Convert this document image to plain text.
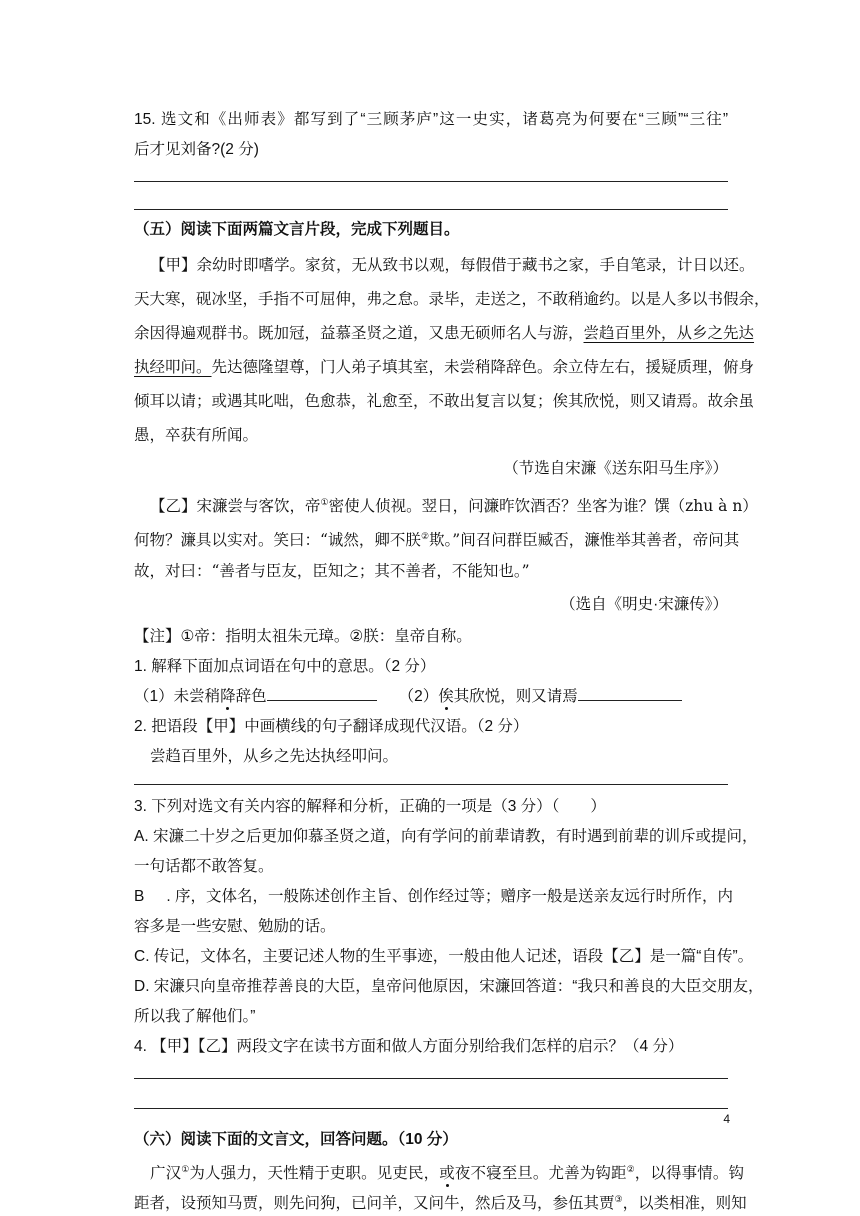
15. 选文和《出师表》都写到了“三顾茅庐”这一史实，诸葛亮为何要在“三顾”“三往”
后才见刘备?(2 分)
（五）阅读下面两篇文言片段，完成下列题目。
【甲】余幼时即嗜学。家贫，无从致书以观，每假借于藏书之家，手自笔录，计日以还。
天大寒，砚冰坚，手指不可屈伸，弗之怠。录毕，走送之，不敢稍逾约。以是人多以书假余，
余因得遍观群书。既加冠，益慕圣贤之道，又患无硕师名人与游，尝趋百里外，从乡之先达
执经叩问。先达德隆望尊，门人弟子填其室，未尝稍降辞色。余立侍左右，援疑质理，俯身
倾耳以请；或遇其叱咄，色愈恭，礼愈至，不敢出复言以复；俟其欣悦，则又请焉。故余虽
愚，卒获有所闻。
（节选自宋濂《送东阳马生序》）
【乙】宋濂尝与客饮，帝①密使人侦视。翌日，问濂昨饮酒否？坐客为谁？馔（zhu à n）
何物？濂具以实对。笑曰：“诚然，卿不朕②欺。”间召问群臣臧否，濂惟举其善者，帝问其
故，对曰：“善者与臣友，臣知之；其不善者，不能知也。”
（选自《明史·宋濂传》）
【注】①帝：指明太祖朱元璋。②朕：皇帝自称。
1. 解释下面加点词语在句中的意思。（2 分）
（1）未尝稍降辞色	（2）俟其欣悦，则又请焉
2. 把语段【甲】中画横线的句子翻译成现代汉语。（2 分）
尝趋百里外，从乡之先达执经叩问。
3. 下列对选文有关内容的解释和分析，正确的一项是（3 分）（　　）
A. 宋濂二十岁之后更加仰慕圣贤之道，向有学问的前辈请教，有时遇到前辈的训斥或提问，
一句话都不敢答复。
B . 序，文体名，一般陈述创作主旨、创作经过等；赠序一般是送亲友远行时所作，内
容多是一些安慰、勉励的话。
C. 传记，文体名，主要记述人物的生平事迹，一般由他人记述，语段【乙】是一篇“自传”。
D. 宋濂只向皇帝推荐善良的大臣，皇帝问他原因，宋濂回答道：“我只和善良的大臣交朋友，
所以我了解他们。”
4. 【甲】【乙】两段文字在读书方面和做人方面分别给我们怎样的启示？（4 分）
4
（六）阅读下面的文言文，回答问题。（10 分）
广汉①为人强力，天性精于吏职。见吏民，或夜不寝至旦。尤善为钩距②，以得事情。钩
距者，设预知马贾，则先问狗，已问羊，又问牛，然后及马，参伍其贾③，以类相准，则知
